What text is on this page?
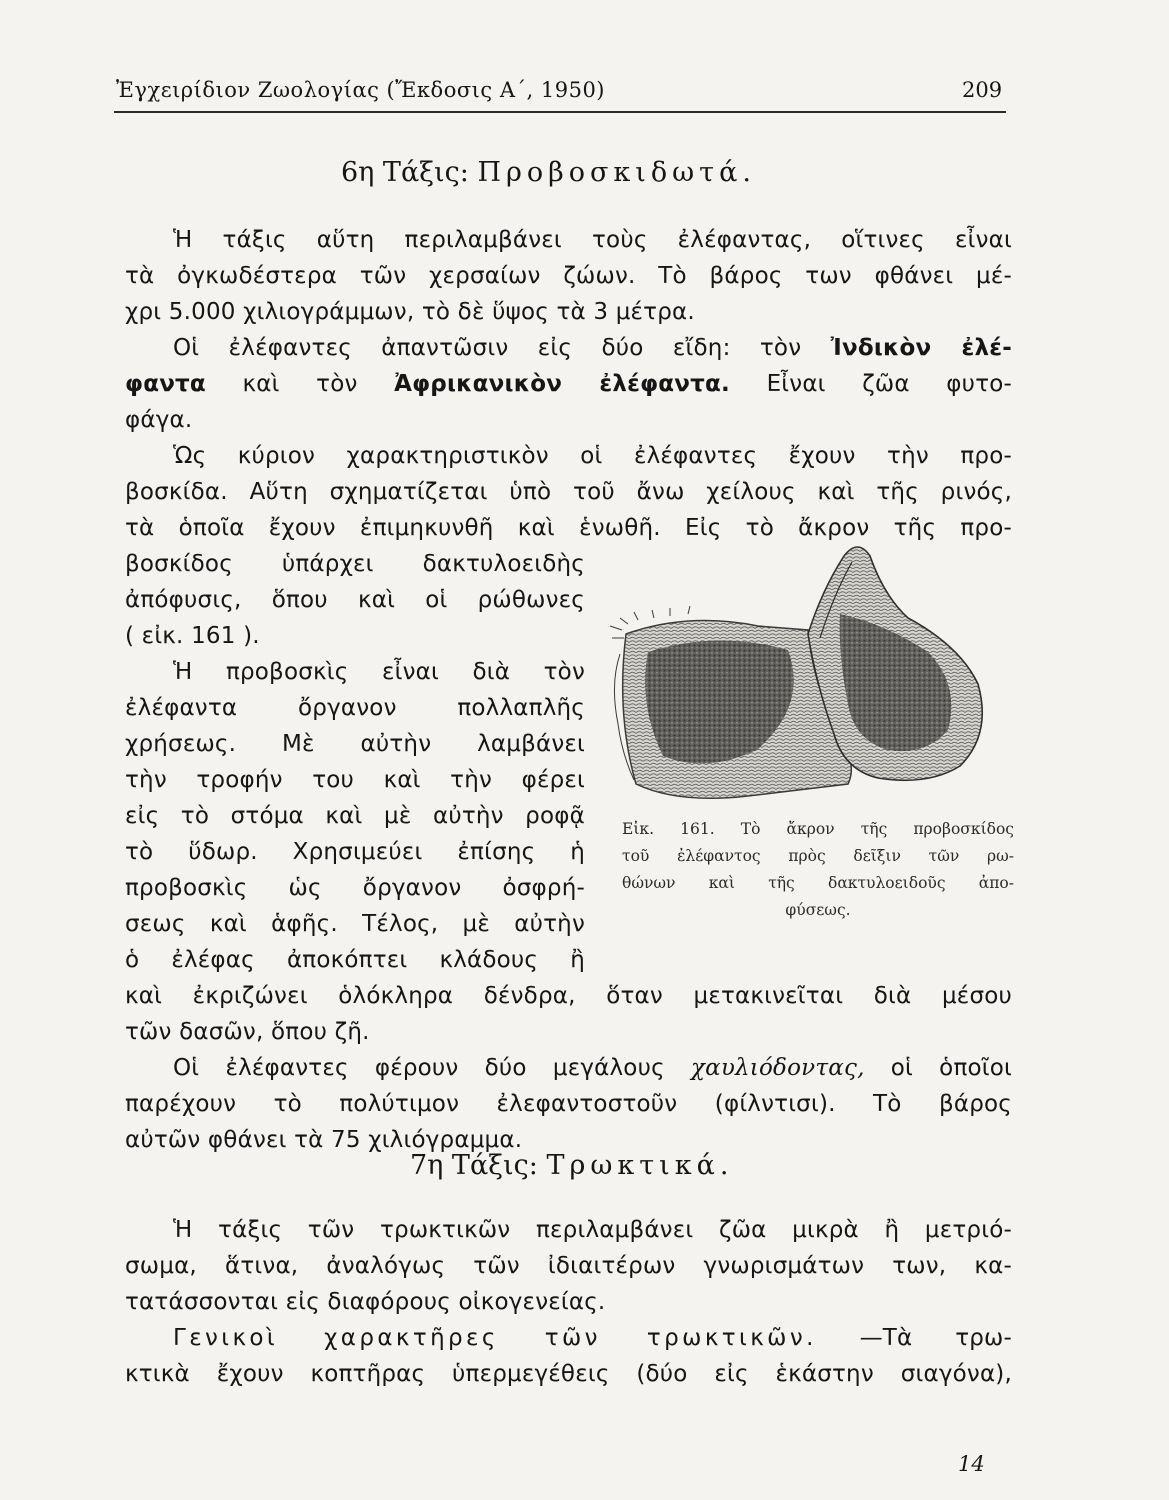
Ἐγχειρίδιον Ζωολογίας (Ἔκδοσις Α΄, 1950)	209
6η Τάξις: Προβοσκιδωτά.
Ἡ τάξις αὕτη περιλαμβάνει τοὺς ἐλέφαντας, οἵτινες εἶναι
τὰ ὀγκωδέστερα τῶν χερσαίων ζώων. Τὸ βάρος των φθάνει μέ-
χρι 5.000 χιλιογράμμων, τὸ δὲ ὕψος τὰ 3 μέτρα.
Οἱ ἐλέφαντες ἀπαντῶσιν εἰς δύο εἴδη: τὸν Ἰνδικὸν ἐλέ-
φαντα καὶ τὸν Ἀφρικανικὸν ἐλέφαντα. Εἶναι ζῶα φυτο-
φάγα.
Ὡς κύριον χαρακτηριστικὸν οἱ ἐλέφαντες ἔχουν τὴν προ-
βοσκίδα. Αὕτη σχηματίζεται ὑπὸ τοῦ ἄνω χείλους καὶ τῆς ρινός,
τὰ ὁποῖα ἔχουν ἐπιμηκυνθῆ καὶ ἑνωθῆ. Εἰς τὸ ἄκρον τῆς προ-
βοσκίδος ὑπάρχει δακτυλοειδὴς
ἀπόφυσις, ὅπου καὶ οἱ ρώθωνες
( εἰκ. 161 ).
Ἡ προβοσκὶς εἶναι διὰ τὸν
ἐλέφαντα ὄργανον πολλαπλῆς
χρήσεως. Μὲ αὐτὴν λαμβάνει
τὴν τροφήν του καὶ τὴν φέρει
εἰς τὸ στόμα καὶ μὲ αὐτὴν ροφᾷ
τὸ ὕδωρ. Χρησιμεύει ἐπίσης ἡ
προβοσκὶς ὡς ὄργανον ὀσφρή-
σεως καὶ ἁφῆς. Τέλος, μὲ αὐτὴν
ὁ ἐλέφας ἀποκόπτει κλάδους ἢ
καὶ ἐκριζώνει ὁλόκληρα δένδρα, ὅταν μετακινεῖται διὰ μέσου
τῶν δασῶν, ὅπου ζῆ.
Οἱ ἐλέφαντες φέρουν δύο μεγάλους χαυλιόδοντας, οἱ ὁποῖοι
παρέχουν τὸ πολύτιμον ἐλεφαντοστοῦν (φίλντισι). Τὸ βάρος
αὐτῶν φθάνει τὰ 75 χιλιόγραμμα.
Εἰκ. 161. Τὸ ἄκρον τῆς προβοσκίδος
τοῦ ἐλέφαντος πρὸς δεῖξιν τῶν ρω-
θώνων καὶ τῆς δακτυλοειδοῦς ἀπο-
φύσεως.
7η Τάξις: Τρωκτικά.
Ἡ τάξις τῶν τρωκτικῶν περιλαμβάνει ζῶα μικρὰ ἢ μετριό-
σωμα, ἅτινα, ἀναλόγως τῶν ἰδιαιτέρων γνωρισμάτων των, κα-
τατάσσονται εἰς διαφόρους οἰκογενείας.
Γενικοὶ χαρακτῆρες τῶν τρωκτικῶν. —Τὰ τρω-
κτικὰ ἔχουν κοπτῆρας ὑπερμεγέθεις (δύο εἰς ἑκάστην σιαγόνα),
14
